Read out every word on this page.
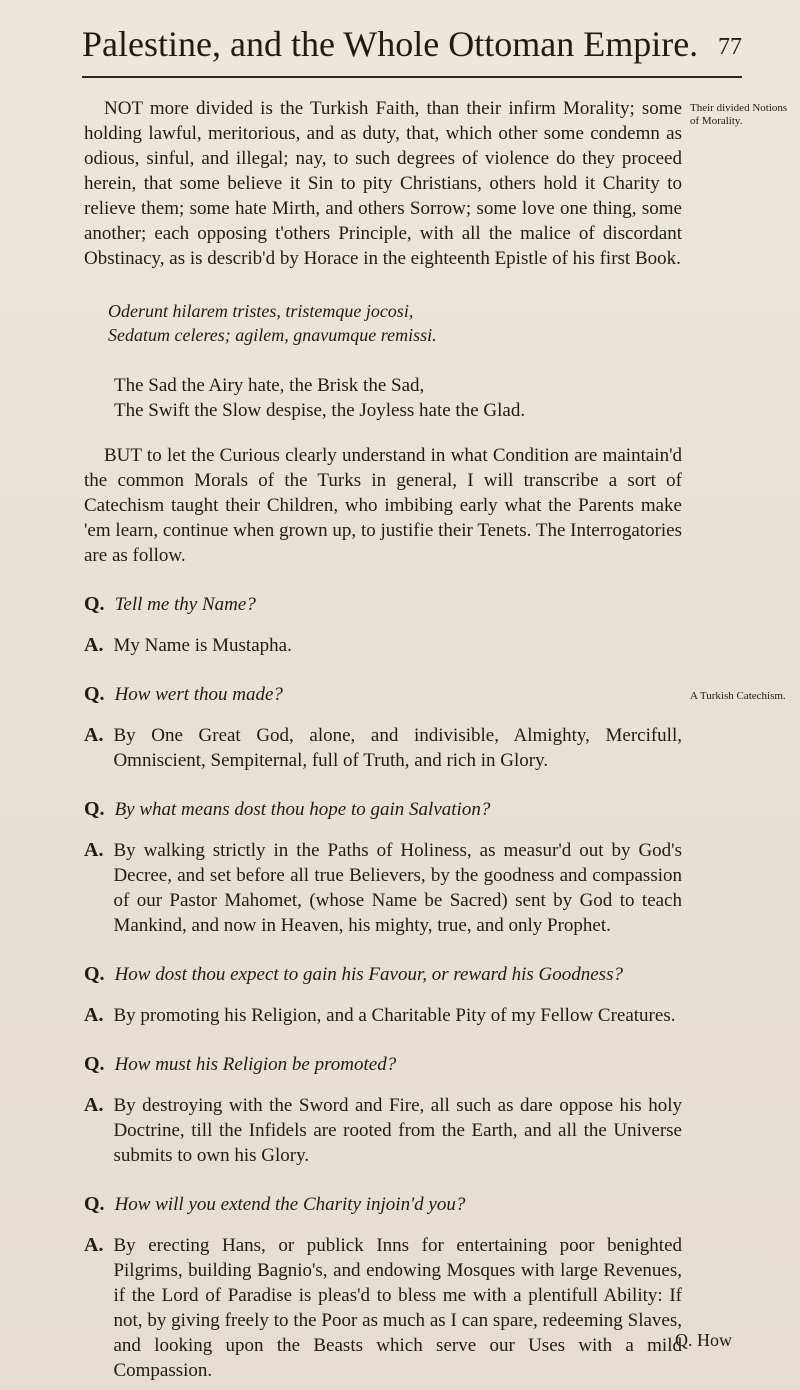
Palestine, and the Whole Ottoman Empire. 77
Their divided Notions of Morality.
A Turkish Catechism.

NOT more divided is the Turkish Faith, than their infirm Morality; some holding lawful, meritorious, and as duty, that, which other some condemn as odious, sinful, and illegal; nay, to such degrees of violence do they proceed herein, that some believe it Sin to pity Christians, others hold it Charity to relieve them; some hate Mirth, and others Sorrow; some love one thing, some another; each opposing t'others Principle, with all the malice of discordant Obstinacy, as is describ'd by Horace in the eighteenth Epistle of his first Book.

Oderunt hilarem tristes, tristemque jocosi,
Sedatum celeres; agilem, gnavumque remissi.
The Sad the Airy hate, the Brisk the Sad,
The Swift the Slow despise, the Joyless hate the Glad.

BUT to let the Curious clearly understand in what Condition are maintain'd the common Morals of the Turks in general, I will transcribe a sort of Catechism taught their Children, who imbibing early what the Parents make 'em learn, continue when grown up, to justifie their Tenets. The Interrogatories are as follow.

Q. Tell me thy Name?
A. My Name is Mustapha.
Q. How wert thou made?
A. By One Great God, alone, and indivisible, Almighty, Mercifull, Omniscient, Sempiternal, full of Truth, and rich in Glory.
Q. By what means dost thou hope to gain Salvation?
A. By walking strictly in the Paths of Holiness, as measur'd out by God's Decree, and set before all true Believers, by the goodness and compassion of our Pastor Mahomet, (whose Name be Sacred) sent by God to teach Mankind, and now in Heaven, his mighty, true, and only Prophet.
Q. How dost thou expect to gain his Favour, or reward his Goodness?
A. By promoting his Religion, and a Charitable Pity of my Fellow Creatures.
Q. How must his Religion be promoted?
A. By destroying with the Sword and Fire, all such as dare oppose his holy Doctrine, till the Infidels are rooted from the Earth, and all the Universe submits to own his Glory.
Q. How will you extend the Charity injoin'd you?
A. By erecting Hans, or publick Inns for entertaining poor benighted Pilgrims, building Bagnio's, and endowing Mosques with large Revenues, if the Lord of Paradise is pleas'd to bless me with a plentifull Ability: If not, by giving freely to the Poor as much as I can spare, redeeming Slaves, and looking upon the Beasts which serve our Uses with a mild Compassion.
Q. How
